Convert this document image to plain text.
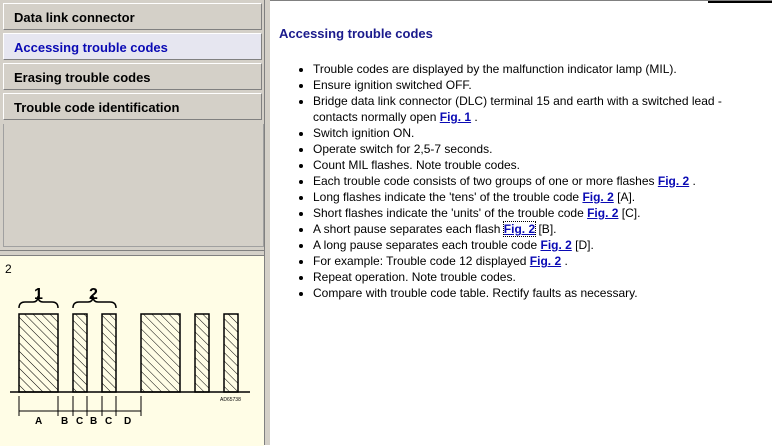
Data link connector
Accessing trouble codes
Erasing trouble codes
Trouble code identification
2
1	2
A B C B C D
AD65738
Accessing trouble codes
• Trouble codes are displayed by the malfunction indicator lamp (MIL).
• Ensure ignition switched OFF.
• Bridge data link connector (DLC) terminal 15 and earth with a switched lead - contacts normally open Fig. 1 .
• Switch ignition ON.
• Operate switch for 2,5-7 seconds.
• Count MIL flashes. Note trouble codes.
• Each trouble code consists of two groups of one or more flashes Fig. 2 .
• Long flashes indicate the 'tens' of the trouble code Fig. 2 [A].
• Short flashes indicate the 'units' of the trouble code Fig. 2 [C].
• A short pause separates each flash Fig. 2 [B].
• A long pause separates each trouble code Fig. 2 [D].
• For example: Trouble code 12 displayed Fig. 2 .
• Repeat operation. Note trouble codes.
• Compare with trouble code table. Rectify faults as necessary.
